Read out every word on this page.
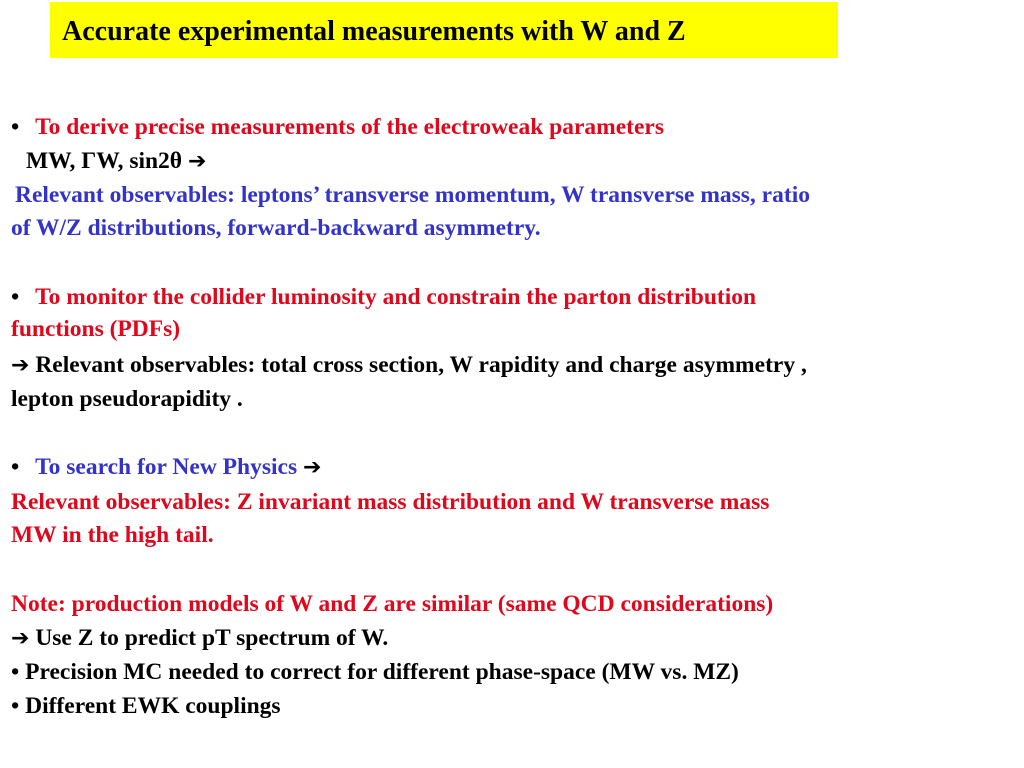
Accurate experimental measurements with W and Z
• To derive precise measurements of the electroweak parameters
MW, ΓW, sin2θ ➔
Relevant observables: leptons’ transverse momentum, W transverse mass, ratio
of W/Z distributions, forward-backward asymmetry.
• To monitor the collider luminosity and constrain the parton distribution
functions (PDFs)
➔ Relevant observables: total cross section, W rapidity and charge asymmetry ,
lepton pseudorapidity .
• To search for New Physics ➔
Relevant observables: Z invariant mass distribution and W transverse mass
MW in the high tail.
Note: production models of W and Z are similar (same QCD considerations)
➔ Use Z to predict pT spectrum of W.
• Precision MC needed to correct for different phase-space (MW vs. MZ)
• Different EWK couplings
